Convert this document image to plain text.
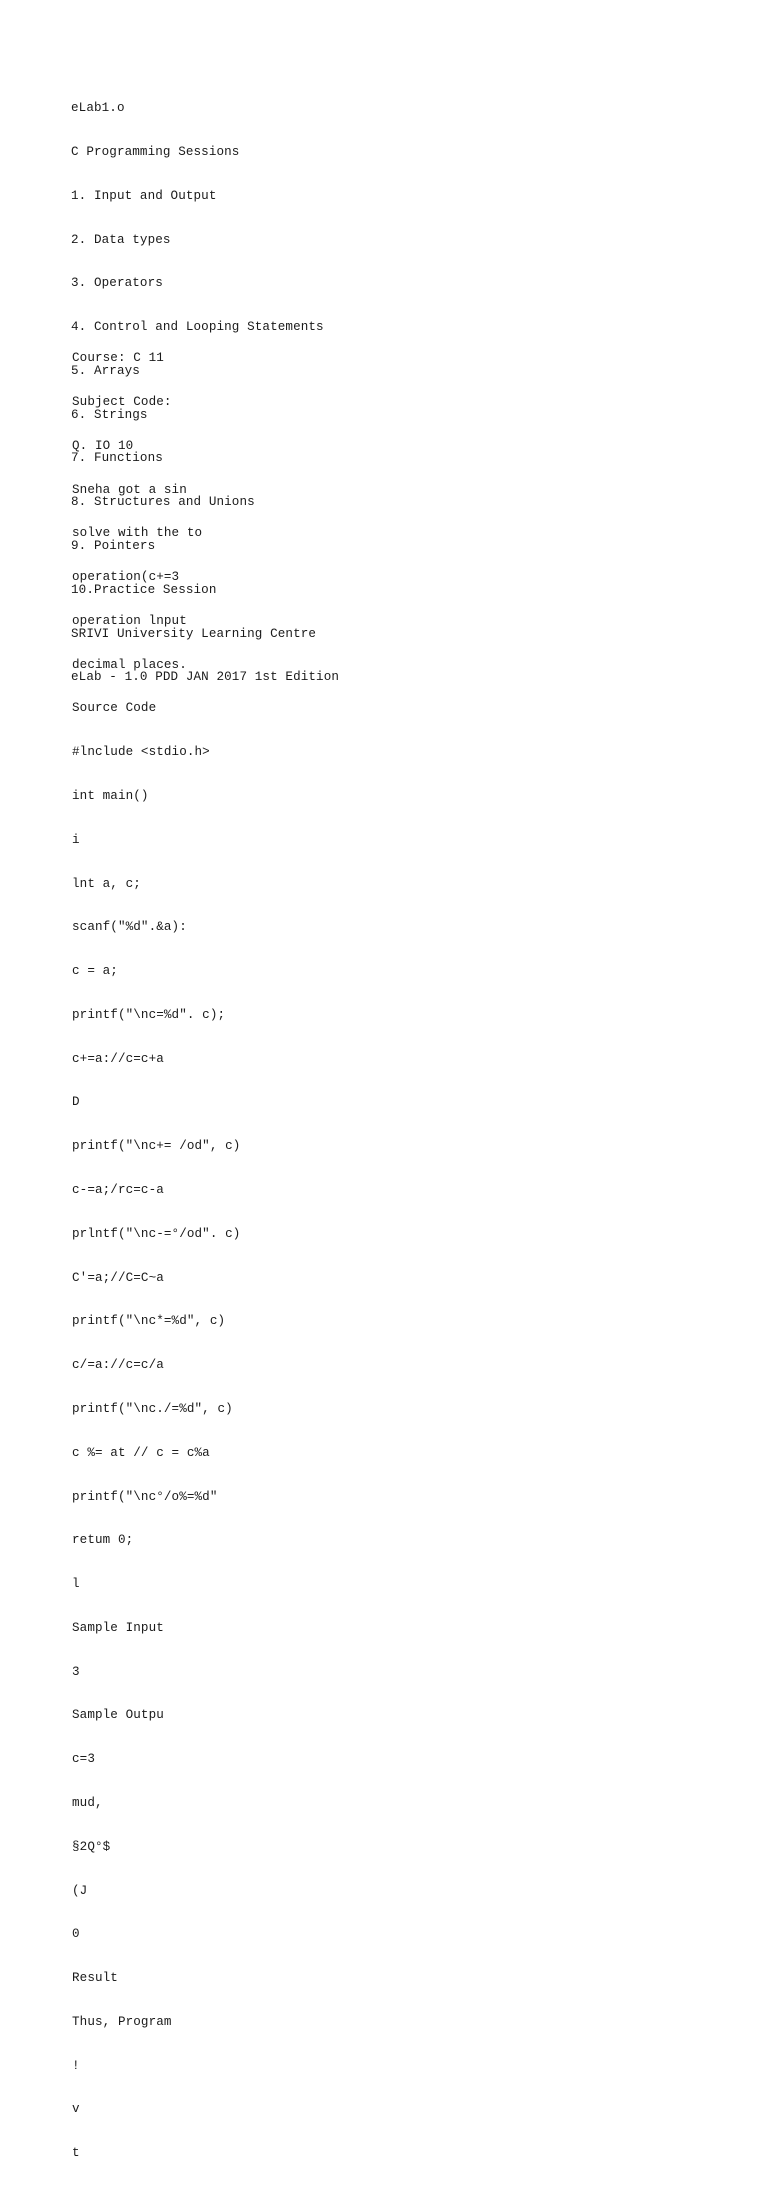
eLab1.o

C Programming Sessions

1. Input and Output

2. Data types

3. Operators

4. Control and Looping Statements

5. Arrays

6. Strings

7. Functions

8. Structures and Unions

9. Pointers

10.Practice Session

SRIVI University Learning Centre

eLab - 1.0 PDD JAN 2017 1st Edition

Course: C 11

Subject Code:

Q. IO 10

Sneha got a sin

solve with the to

operation(c+=3

operation lnput

decimal places.

Source Code

#lnclude <stdio.h>

int main()

i

lnt a, c;

scanf("%d".&a):

c = a;

printf("\nc=%d". c);

c+=a://c=c+a

D

printf("\nc+= /od", c)

c-=a;/rc=c-a

prlntf("\nc-=°/od". c)

C'=a;//C=C~a

printf("\nc*=%d", c)

c/=a://c=c/a

printf("\nc./=%d", c)

c %= at // c = c%a

printf("\nc°/o%=%d"

retum 0;

l

Sample Input

3

Sample Outpu

c=3

mud,

§2Q°$

(J

0

Result

Thus, Program

!

v

t
